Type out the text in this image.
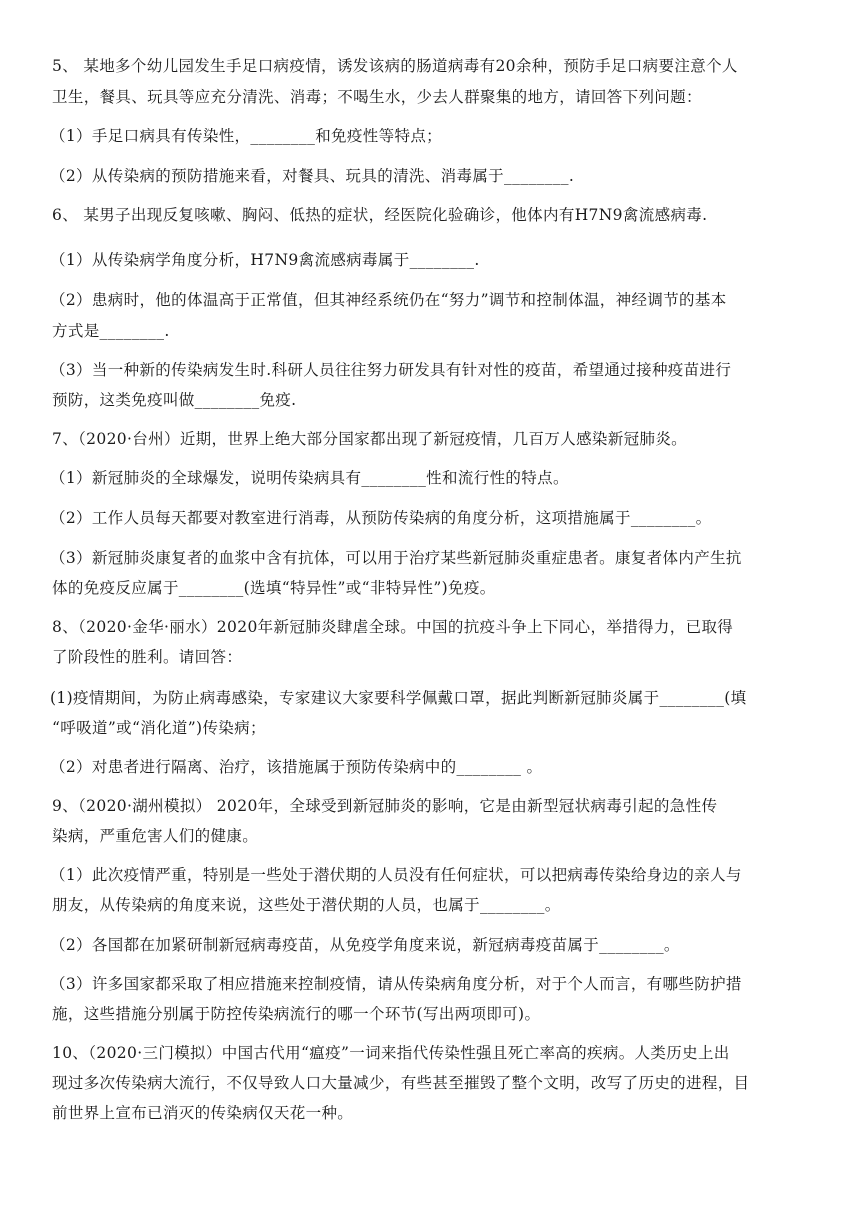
5、 某地多个幼儿园发生手足口病疫情，诱发该病的肠道病毒有20余种，预防手足口病要注意个人
卫生，餐具、玩具等应充分清洗、消毒；不喝生水，少去人群聚集的地方，请回答下列问题：
（1）手足口病具有传染性，________和免疫性等特点；
（2）从传染病的预防措施来看，对餐具、玩具的清洗、消毒属于________.
6、 某男子出现反复咳嗽、胸闷、低热的症状，经医院化验确诊，他体内有H7N9禽流感病毒.
（1）从传染病学角度分析，H7N9禽流感病毒属于________.
（2）患病时，他的体温高于正常值，但其神经系统仍在“努力”调节和控制体温，神经调节的基本
方式是________.
（3）当一种新的传染病发生时.科研人员往往努力研发具有针对性的疫苗，希望通过接种疫苗进行
预防，这类免疫叫做________免疫.
7、（2020·台州）近期，世界上绝大部分国家都出现了新冠疫情，几百万人感染新冠肺炎。
（1）新冠肺炎的全球爆发，说明传染病具有________性和流行性的特点。
（2）工作人员每天都要对教室进行消毒，从预防传染病的角度分析，这项措施属于________。
（3）新冠肺炎康复者的血浆中含有抗体，可以用于治疗某些新冠肺炎重症患者。康复者体内产生抗
体的免疫反应属于________(选填“特异性”或“非特异性”)免疫。
8、（2020·金华·丽水）2020年新冠肺炎肆虐全球。中国的抗疫斗争上下同心，举措得力，已取得
了阶段性的胜利。请回答：
(1)疫情期间，为防止病毒感染，专家建议大家要科学佩戴口罩，据此判断新冠肺炎属于________(填
“呼吸道”或“消化道”)传染病；
（2）对患者进行隔离、治疗，该措施属于预防传染病中的________ 。
9、（2020·湖州模拟） 2020年，全球受到新冠肺炎的影响，它是由新型冠状病毒引起的急性传
染病，严重危害人们的健康。
（1）此次疫情严重，特别是一些处于潜伏期的人员没有任何症状，可以把病毒传染给身边的亲人与
朋友，从传染病的角度来说，这些处于潜伏期的人员，也属于________。
（2）各国都在加紧研制新冠病毒疫苗，从免疫学角度来说，新冠病毒疫苗属于________。
（3）许多国家都采取了相应措施来控制疫情，请从传染病角度分析，对于个人而言，有哪些防护措
施，这些措施分别属于防控传染病流行的哪一个环节(写出两项即可)。
10、（2020·三门模拟）中国古代用“瘟疫”一词来指代传染性强且死亡率高的疾病。人类历史上出
现过多次传染病大流行，不仅导致人口大量减少，有些甚至摧毁了整个文明，改写了历史的进程，目
前世界上宣布已消灭的传染病仅天花一种。
